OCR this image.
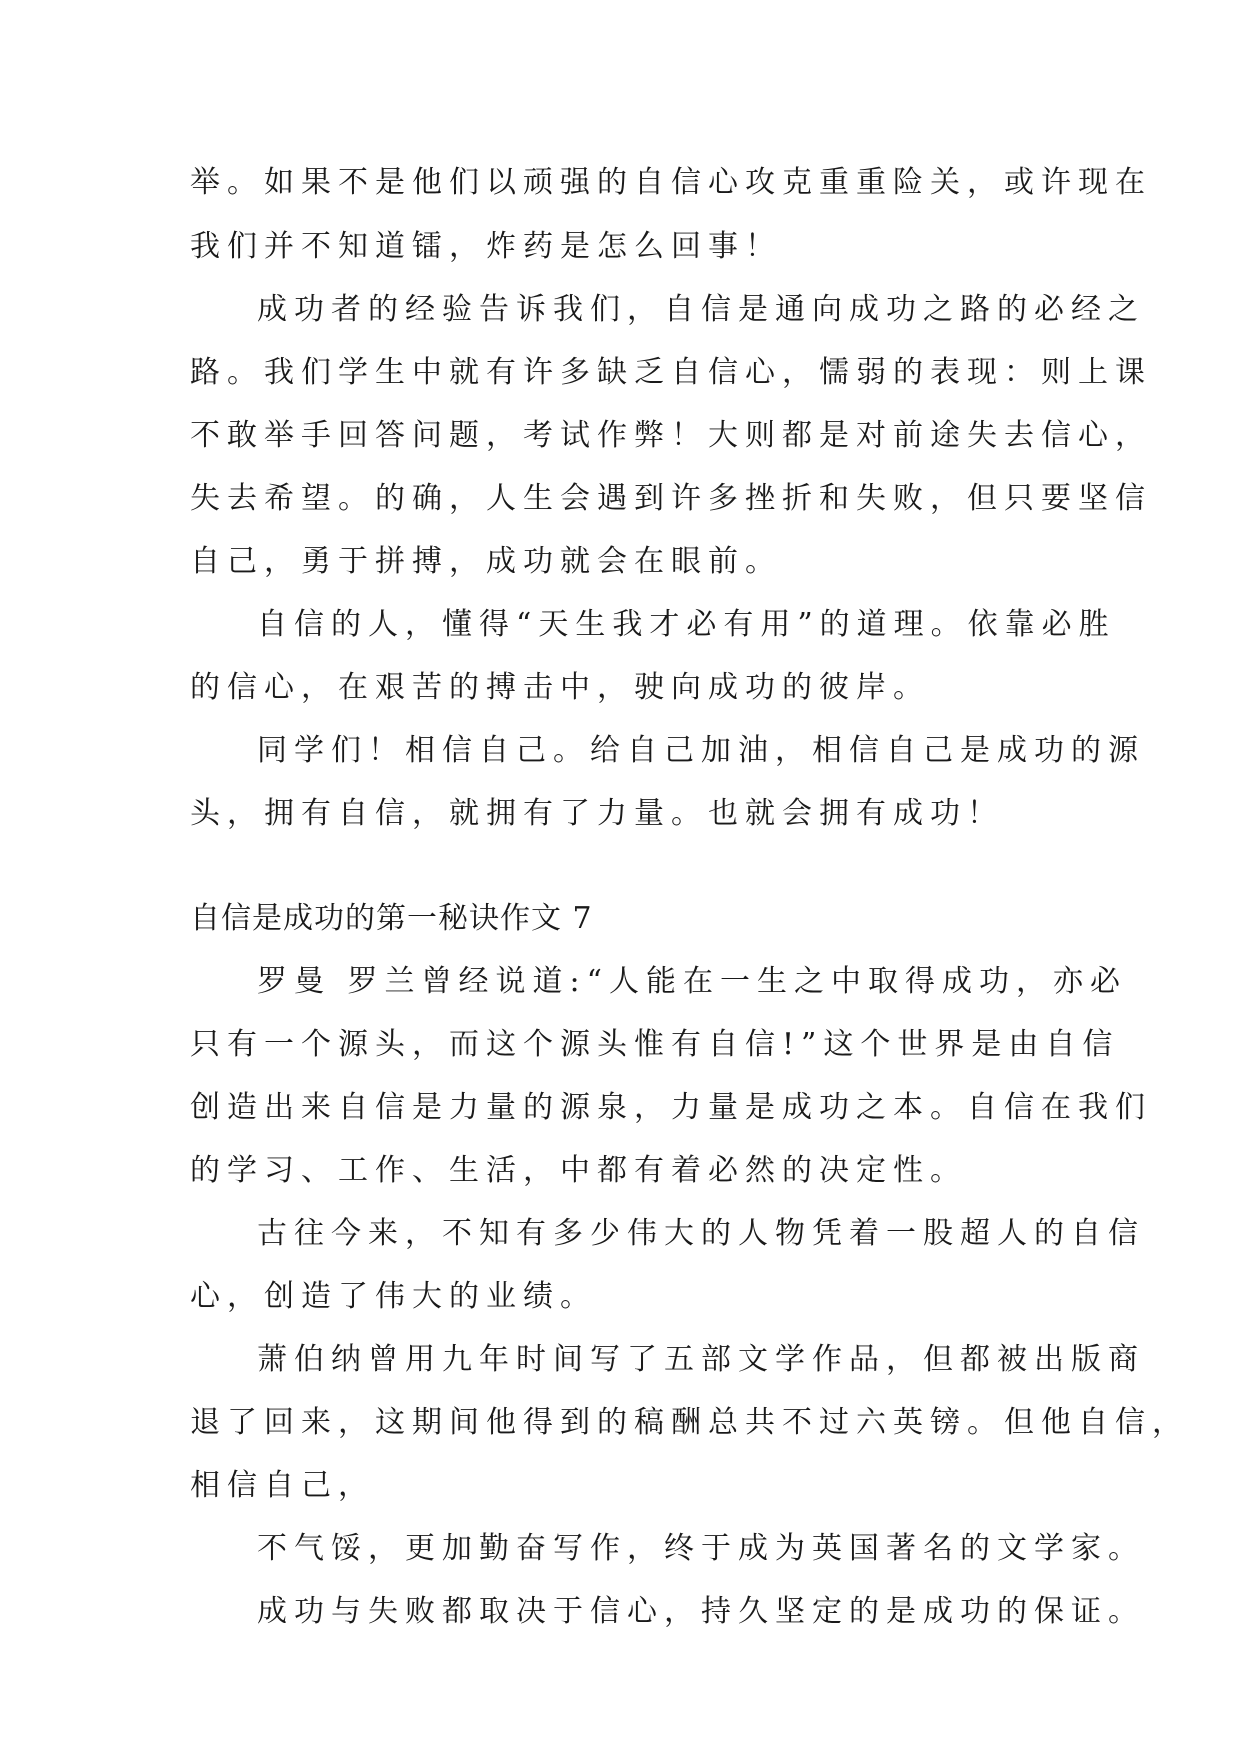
举。如果不是他们以顽强的自信心攻克重重险关，或许现在
我们并不知道镭，炸药是怎么回事！
成功者的经验告诉我们，自信是通向成功之路的必经之
路。我们学生中就有许多缺乏自信心，懦弱的表现：则上课
不敢举手回答问题，考试作弊！大则都是对前途失去信心，
失去希望。的确，人生会遇到许多挫折和失败，但只要坚信
自己，勇于拼搏，成功就会在眼前。
自信的人，懂得“天生我才必有用”的道理。依靠必胜
的信心，在艰苦的搏击中，驶向成功的彼岸。
同学们！相信自己。给自己加油，相信自己是成功的源
头，拥有自信，就拥有了力量。也就会拥有成功！
自信是成功的第一秘诀作文 7
罗曼 罗兰曾经说道:“人能在一生之中取得成功，亦必
只有一个源头，而这个源头惟有自信!”这个世界是由自信
创造出来自信是力量的源泉，力量是成功之本。自信在我们
的学习、工作、生活，中都有着必然的决定性。
古往今来，不知有多少伟大的人物凭着一股超人的自信
心，创造了伟大的业绩。
萧伯纳曾用九年时间写了五部文学作品，但都被出版商
退了回来，这期间他得到的稿酬总共不过六英镑。但他自信，
相信自己，
不气馁，更加勤奋写作，终于成为英国著名的文学家。
成功与失败都取决于信心，持久坚定的是成功的保证。
